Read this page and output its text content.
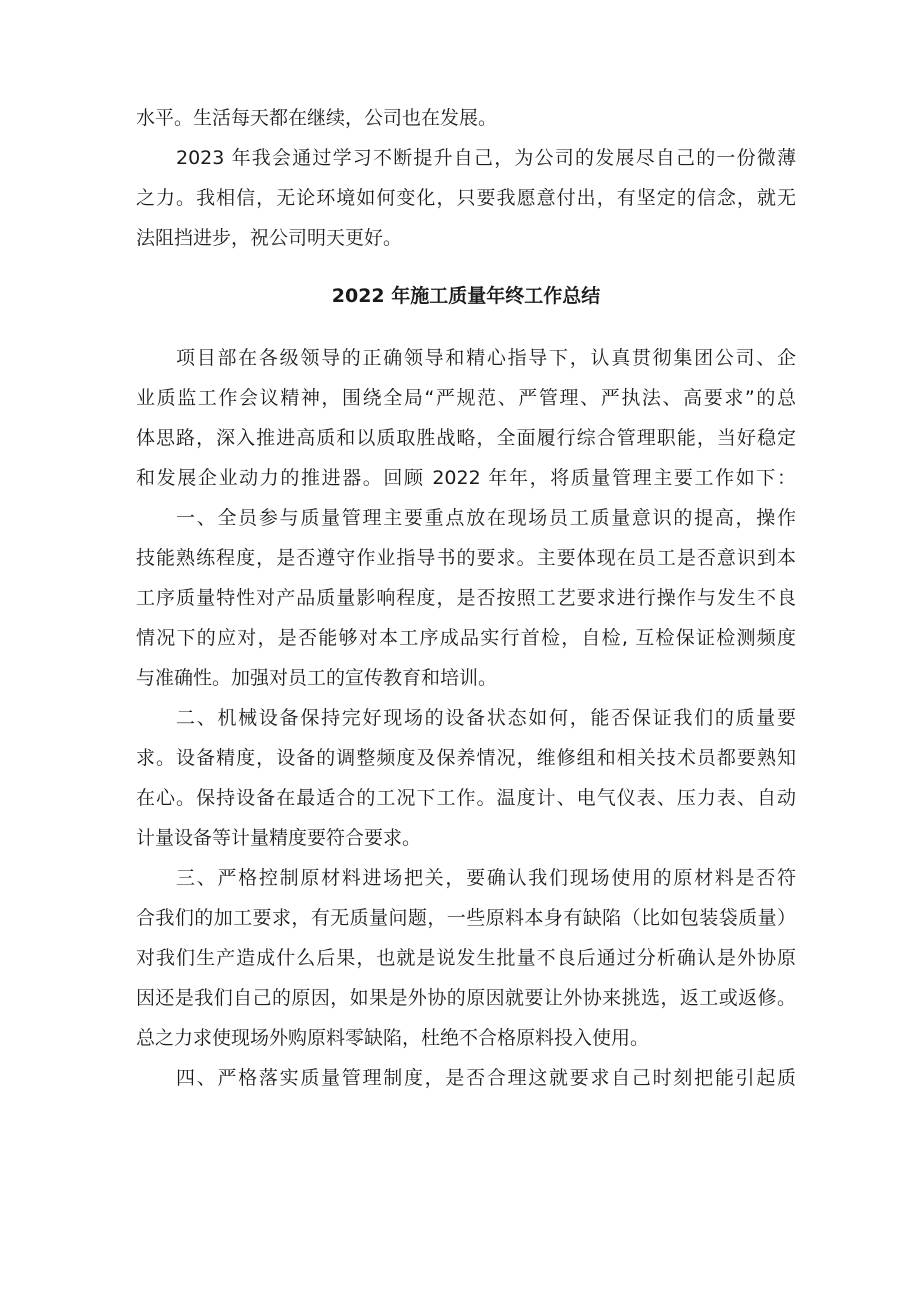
水平。生活每天都在继续，公司也在发展。
2023 年我会通过学习不断提升自己，为公司的发展尽自己的一份微薄
之力。我相信，无论环境如何变化，只要我愿意付出，有坚定的信念，就无
法阻挡进步，祝公司明天更好。
2022 年施工质量年终工作总结
项目部在各级领导的正确领导和精心指导下，认真贯彻集团公司、企
业质监工作会议精神，围绕全局“严规范、严管理、严执法、高要求”的总
体思路，深入推进高质和以质取胜战略，全面履行综合管理职能，当好稳定
和发展企业动力的推进器。回顾 2022 年年，将质量管理主要工作如下：
一、全员参与质量管理主要重点放在现场员工质量意识的提高，操作
技能熟练程度，是否遵守作业指导书的要求。主要体现在员工是否意识到本
工序质量特性对产品质量影响程度，是否按照工艺要求进行操作与发生不良
情况下的应对，是否能够对本工序成品实行首检，自检, 互检保证检测频度
与准确性。加强对员工的宣传教育和培训。
二、机械设备保持完好现场的设备状态如何，能否保证我们的质量要
求。设备精度，设备的调整频度及保养情况，维修组和相关技术员都要熟知
在心。保持设备在最适合的工况下工作。温度计、电气仪表、压力表、自动
计量设备等计量精度要符合要求。
三、严格控制原材料进场把关，要确认我们现场使用的原材料是否符
合我们的加工要求，有无质量问题，一些原料本身有缺陷（比如包装袋质量）
对我们生产造成什么后果，也就是说发生批量不良后通过分析确认是外协原
因还是我们自己的原因，如果是外协的原因就要让外协来挑选，返工或返修。
总之力求使现场外购原料零缺陷，杜绝不合格原料投入使用。
四、严格落实质量管理制度，是否合理这就要求自己时刻把能引起质
